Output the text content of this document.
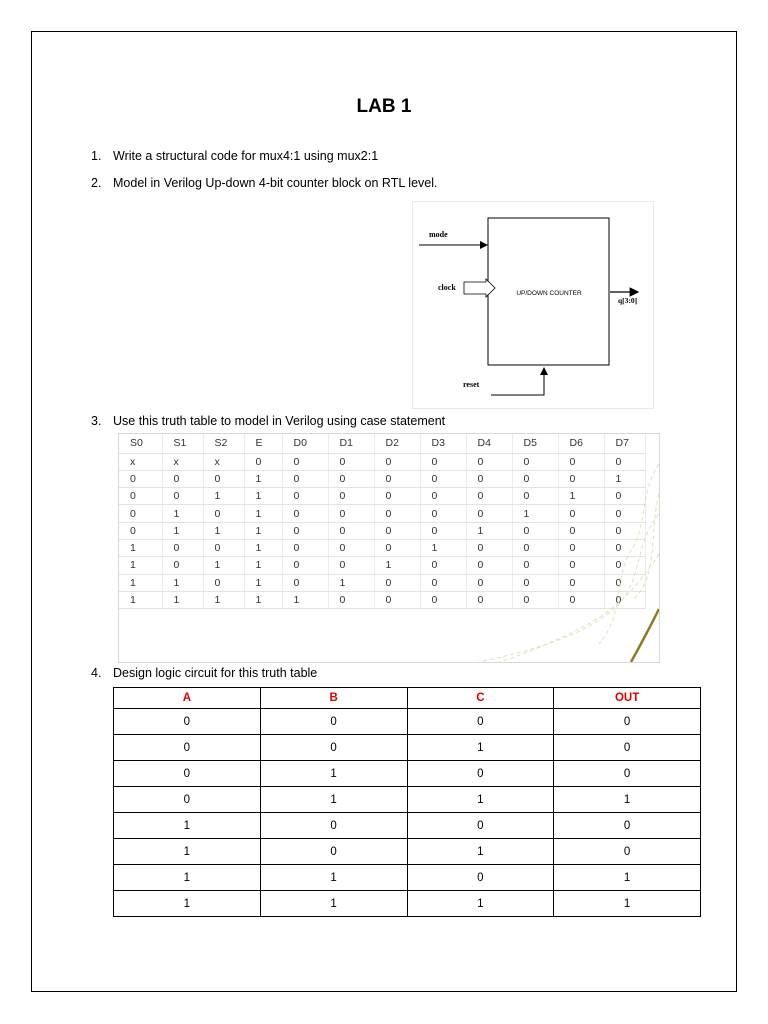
LAB 1
1. Write a structural code for mux4:1 using mux2:1
2. Model in Verilog Up-down 4-bit counter block on RTL level.
UP/DOWN COUNTER
mode
clock
q[3:0]
reset
3. Use this truth table to model in Verilog using case statement
S0	S1	S2	E	D0	D1	D2	D3	D4	D5	D6	D7
x	x	x	0	0	0	0	0	0	0	0	0
0	0	0	1	0	0	0	0	0	0	0	1
0	0	1	1	0	0	0	0	0	0	1	0
0	1	0	1	0	0	0	0	0	1	0	0
0	1	1	1	0	0	0	0	1	0	0	0
1	0	0	1	0	0	0	1	0	0	0	0
1	0	1	1	0	0	1	0	0	0	0	0
1	1	0	1	0	1	0	0	0	0	0	0
1	1	1	1	1	0	0	0	0	0	0	0
4. Design logic circuit for this truth table
A	B	C	OUT
0	0	0	0
0	0	1	0
0	1	0	0
0	1	1	1
1	0	0	0
1	0	1	0
1	1	0	1
1	1	1	1
